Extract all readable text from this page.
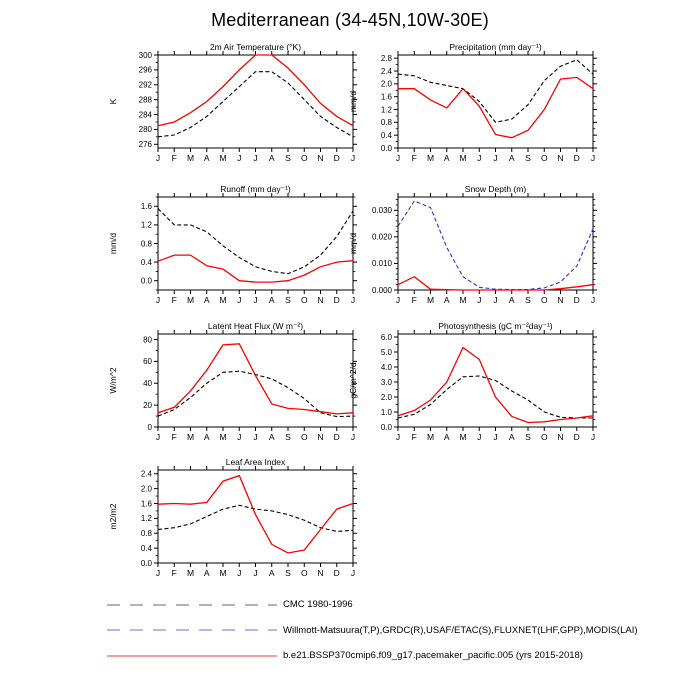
Mediterranean (34-45N,10W-30E)
2m Air Temperature (°K)
K
276
280
284
288
292
296
300
J F M A M J J A S O N D J
Precipitation (mm day⁻¹)
mm/d
0.0
0.4
0.8
1.2
1.6
2.0
2.4
2.8
J F M A M J J A S O N D J
Runoff (mm day⁻¹)
mm/d
0.0
0.4
0.8
1.2
1.6
J F M A M J J A S O N D J
Snow Depth (m)
mm/d
0.000
0.010
0.020
0.030
J F M A M J J A S O N D J
Latent Heat Flux (W m⁻²)
W/m^2
0
20
40
60
80
J F M A M J J A S O N D J
Photosynthesis (gC m⁻²day⁻¹)
gC/m^2/d
0.0
1.0
2.0
3.0
4.0
5.0
6.0
J F M A M J J A S O N D J
Leaf Area Index
m2/m2
0.0
0.4
0.8
1.2
1.6
2.0
2.4
J F M A M J J A S O N D J
CMC 1980-1996
Willmott-Matsuura(T,P),GRDC(R),USAF/ETAC(S),FLUXNET(LHF,GPP),MODIS(LAI)
b.e21.BSSP370cmip6.f09_g17.pacemaker_pacific.005 (yrs 2015-2018)
